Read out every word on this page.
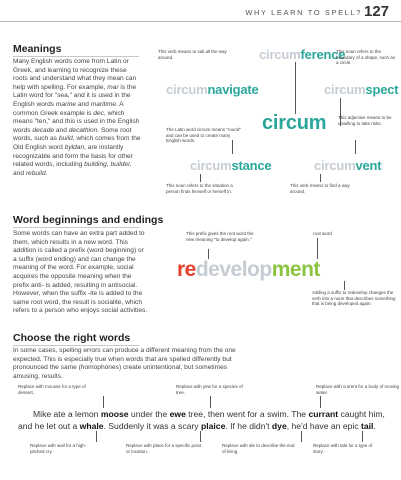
WHY LEARN TO SPELL? 127
Meanings

Many English words come from Latin or Greek, and learning to recognize these roots and understand what they mean can help with spelling. For example, mar is the Latin word for "sea," and it is used in the English words marine and maritime. A common Greek example is dec, which means "ten," and this is used in the English words decade and decathlon. Some root words, such as build, which comes from the Old English word byldan, are instantly recognizable and form the basis for other related words, including building, builder, and rebuild.

circumference
This verb means to sail all the way around.
This noun refers to the boundary of a shape, such as a circle.
circumnavigate	circumspect
The Latin word circum means "round" and can be used to create many English words.
circum	This adjective means to be unwilling to take risks.
circumstance	circumvent
This noun refers to the situation a person finds himself or herself in.
This verb means to find a way around.
Word beginnings and endings

Some words can have an extra part added to them, which results in a new word. This addition is called a prefix (word beginning) or a suffix (word ending) and can change the meaning of the word. For example, social acquires the opposite meaning when the prefix anti- is added, resulting in antisocial. However, when the suffix -ite is added to the same root word, the result is socialite, which refers to a person who enjoys social activities.

This prefix gives the root word the new meaning "to develop again."
root word
redevelopment
Adding a suffix to redevelop changes the verb into a noun that describes something that is being developed again.
Choose the right words

In some cases, spelling errors can produce a different meaning from the one expected. This is especially true when words that are spelled differently but pronounced the same (homophones) create unintentional, but sometimes amusing, results.

Replace with mousse for a type of dessert.
Replace with yew for a species of tree.
Replace with current for a body of moving water.
Mike ate a lemon moose under the ewe tree, then went for a swim. The currant caught him,
and he let out a whale. Suddenly it was a scary plaice. If he didn't dye, he'd have an epic tail.
Replace with wail for a high-pitched cry.
Replace with place for a specific point or location.
Replace with die to describe the end of living.
Replace with tale for a type of story.
